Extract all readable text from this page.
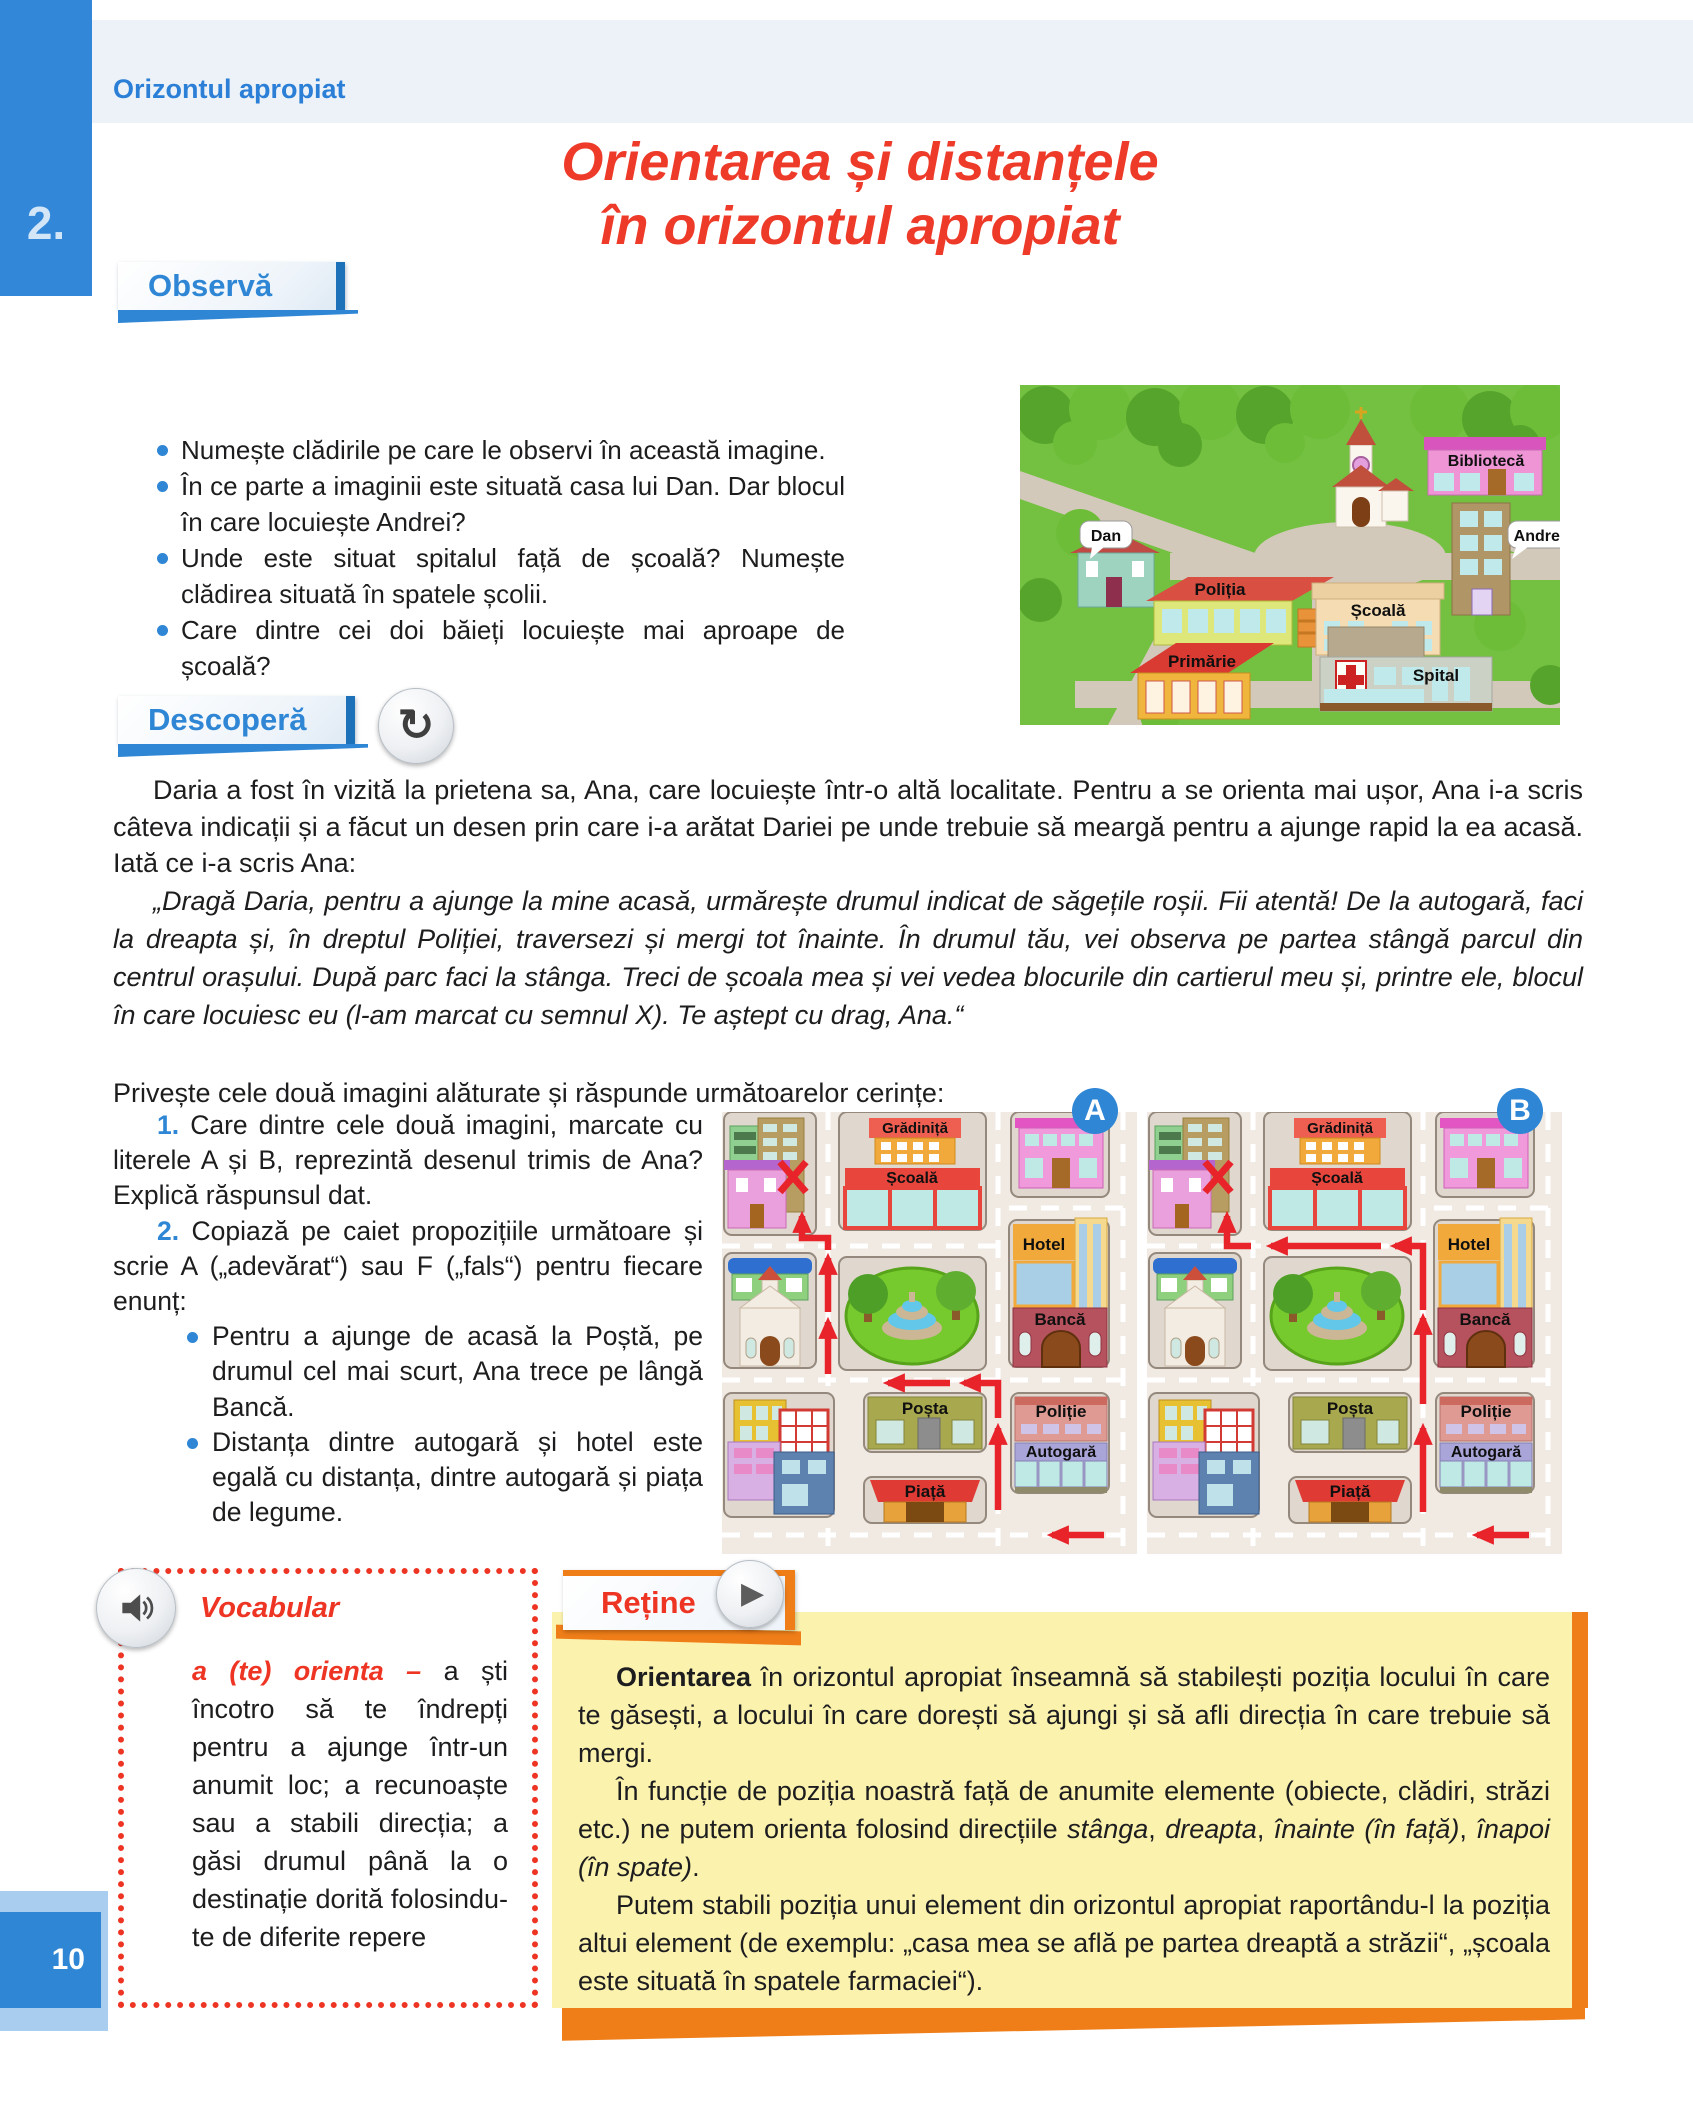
2.
Orizontul apropiat
Orientarea și distanțele
în orizontul apropiat
Observă
Numește clădirile pe care le observi în această imagine.
În ce parte a imaginii este situată casa lui Dan. Dar blocul în care locuiește Andrei?
Unde este situat spitalul față de școală? Numește clădirea situată în spatele școlii.
Care dintre cei doi băieți locuiește mai aproape de școală?
Dan
Poliția
Școală
Bibliotecă
Andrei
Primărie
Spital
Descoperă ↻

Daria a fost în vizită la prietena sa, Ana, care locuiește într-o altă localitate. Pentru a se orienta mai ușor, Ana i-a scris câteva indicații și a făcut un desen prin care i-a arătat Dariei pe unde trebuie să meargă pentru a ajunge rapid la ea acasă. Iată ce i-a scris Ana:

„Dragă Daria, pentru a ajunge la mine acasă, urmărește drumul indicat de săgețile roșii. Fii atentă! De la autogară, faci la dreapta și, în dreptul Poliției, traversezi și mergi tot înainte. În drumul tău, vei observa pe partea stângă parcul din centrul orașului. După parc faci la stânga. Treci de școala mea și vei vedea blocurile din cartierul meu și, printre ele, blocul în care locuiesc eu (l-am marcat cu semnul X). Te aștept cu drag, Ana.“

Privește cele două imagini alăturate și răspunde următoarelor cerințe:

1. Care dintre cele două imagini, marcate cu literele A și B, reprezintă desenul trimis de Ana? Explică răspunsul dat.

2. Copiază pe caiet propozițiile următoare și scrie A („adevărat“) sau F („fals“) pentru fiecare enunț:

Pentru a ajunge de acasă la Poștă, pe drumul cel mai scurt, Ana trece pe lângă Bancă.
Distanța dintre autogară și hotel este egală cu distanța, dintre autogară și piața de legume.
Grădiniță
Școală
Hotel
Bancă
Poșta
Piață
Poliție
Autogară
Grădiniță
Școală
Hotel
Bancă
Poșta
Piață
Poliție
Autogară
A	B
Vocabular
a (te) orienta – a ști încotro să te îndrepți pentru a ajunge într-un anumit loc; a recunoaște sau a stabili direcția; a găsi drumul până la o destinație dorită folosindu-te de diferite repere
Reține ▶

Orientarea în orizontul apropiat înseamnă să stabilești poziția locului în care te găsești, a locului în care dorești să ajungi și să afli direcția în care trebuie să mergi.

În funcție de poziția noastră față de anumite elemente (obiecte, clădiri, străzi etc.) ne putem orienta folosind direcțiile stânga, dreapta, înainte (în față), înapoi (în spate).

Putem stabili poziția unui element din orizontul apropiat raportându-l la poziția altui element (de exemplu: „casa mea se află pe partea dreaptă a străzii“, „școala este situată în spatele farmaciei“).

10
